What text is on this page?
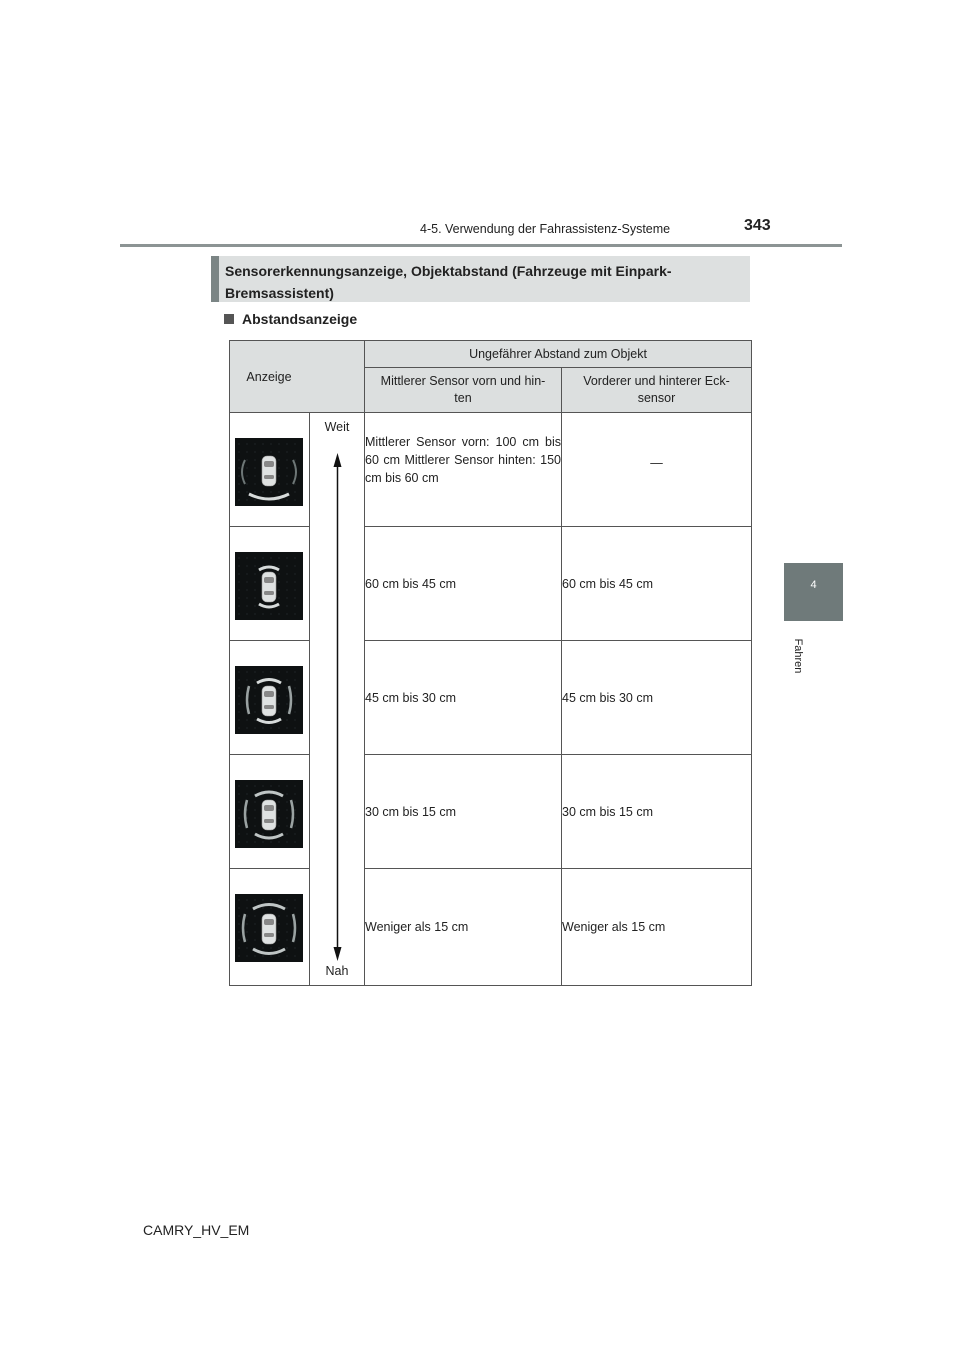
4-5. Verwendung der Fahrassistenz-Systeme	343
4
Fahren
Sensorerkennungsanzeige, Objektabstand (Fahrzeuge mit Einpark-
Bremsassistent)
Abstandsanzeige
Anzeige		Ungefährer Abstand zum Objekt	
		Mittlerer Sensor vorn und hin-
ten	Vorderer und hinterer Eck-
sensor

Weit
Nah	Mittlerer Sensor vorn: 100 cm bis 60 cm Mittlerer Sensor hinten: 150 cm bis 60 cm	—

	60 cm bis 45 cm	60 cm bis 45 cm

	45 cm bis 30 cm	45 cm bis 30 cm

	30 cm bis 15 cm	30 cm bis 15 cm

	Weniger als 15 cm	Weniger als 15 cm
CAMRY_HV_EM
